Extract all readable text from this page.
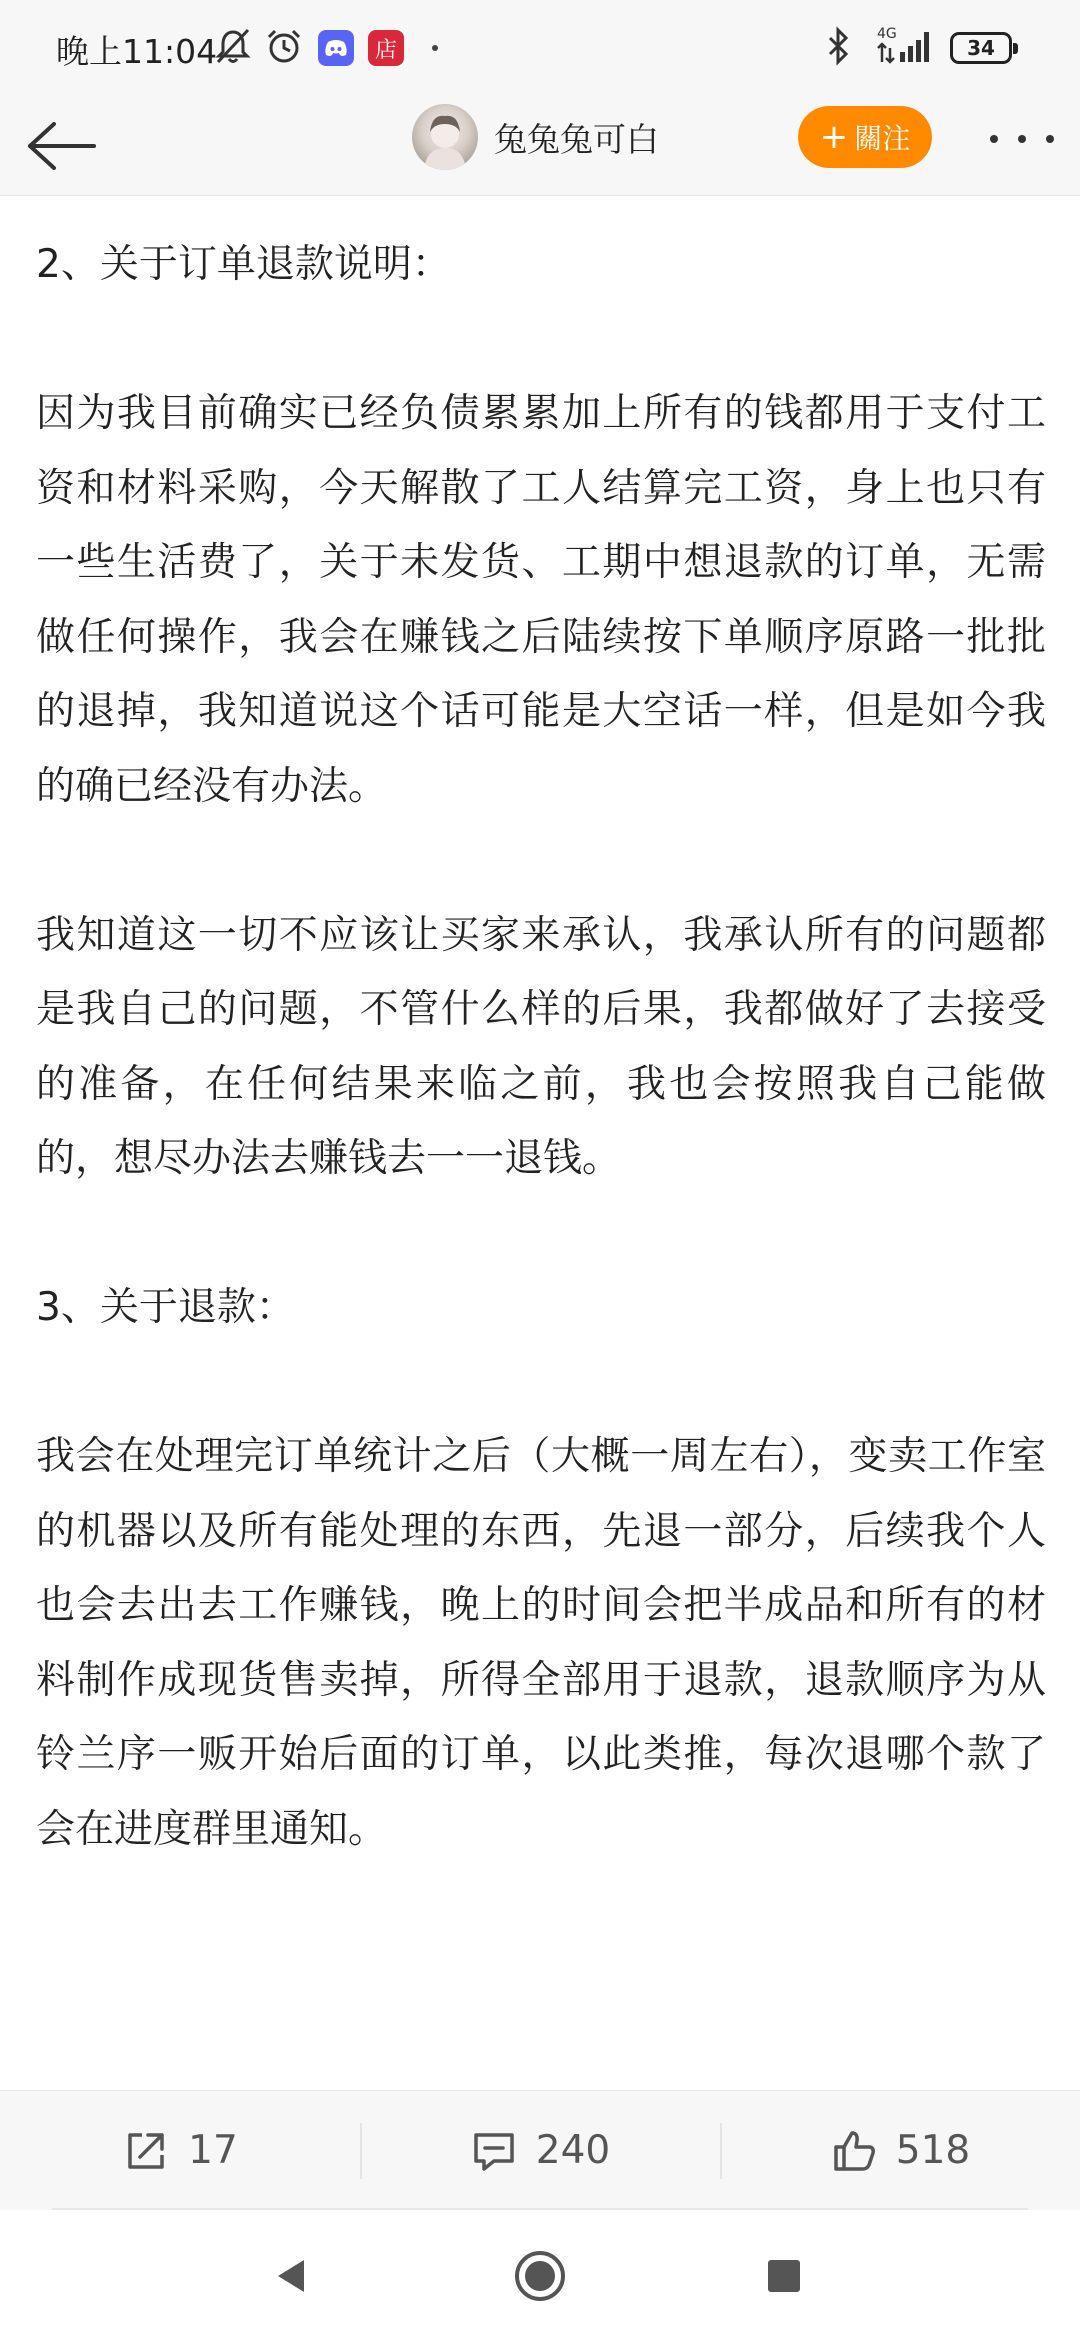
晚上11:04	店
4G
34
兔兔兔可白	+ 關注

2、关于订单退款说明：

因为我目前确实已经负债累累加上所有的钱都用于支付工资和材料采购，今天解散了工人结算完工资，身上也只有一些生活费了，关于未发货、工期中想退款的订单，无需做任何操作，我会在赚钱之后陆续按下单顺序原路一批批的退掉，我知道说这个话可能是大空话一样，但是如今我的确已经没有办法。

我知道这一切不应该让买家来承认，我承认所有的问题都是我自己的问题，不管什么样的后果，我都做好了去接受的准备，在任何结果来临之前，我也会按照我自己能做的，想尽办法去赚钱去一一退钱。

3、关于退款：

我会在处理完订单统计之后（大概一周左右），变卖工作室的机器以及所有能处理的东西，先退一部分，后续我个人也会去出去工作赚钱，晚上的时间会把半成品和所有的材料制作成现货售卖掉，所得全部用于退款，退款顺序为从铃兰序一贩开始后面的订单，以此类推，每次退哪个款了会在进度群里通知。

17	240	518
